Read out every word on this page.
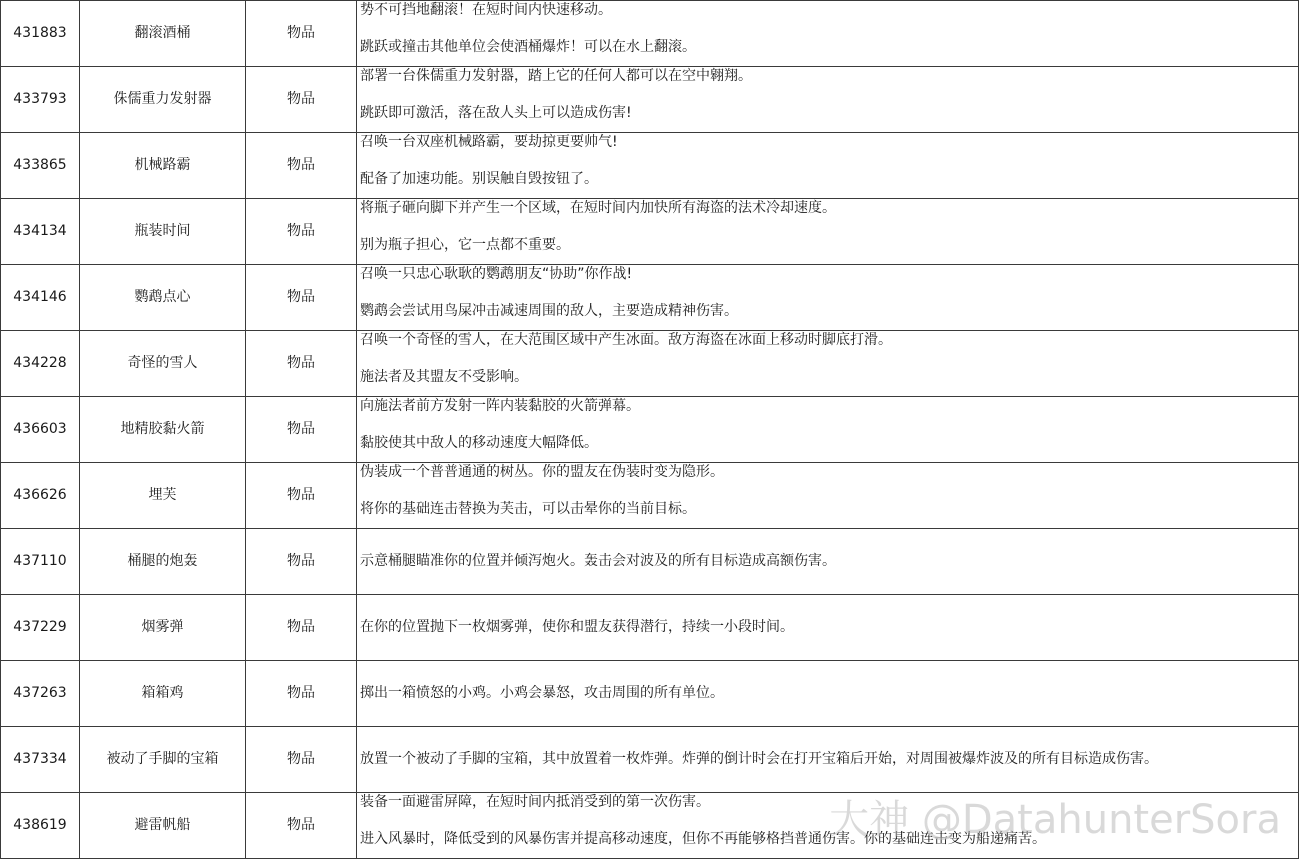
431883	翻滚酒桶	物品	势不可挡地翻滚！在短时间内快速移动。
跳跃或撞击其他单位会使酒桶爆炸！可以在水上翻滚。

433793	侏儒重力发射器	物品	部署一台侏儒重力发射器，踏上它的任何人都可以在空中翱翔。
跳跃即可激活，落在敌人头上可以造成伤害!

433865	机械路霸	物品	召唤一台双座机械路霸，要劫掠更要帅气!
配备了加速功能。别误触自毁按钮了。

434134	瓶装时间	物品	将瓶子砸向脚下并产生一个区域，在短时间内加快所有海盗的法术冷却速度。
别为瓶子担心，它一点都不重要。

434146	鹦鹉点心	物品	召唤一只忠心耿耿的鹦鹉朋友“协助”你作战!
鹦鹉会尝试用鸟屎冲击减速周围的敌人，主要造成精神伤害。

434228	奇怪的雪人	物品	召唤一个奇怪的雪人，在大范围区域中产生冰面。敌方海盗在冰面上移动时脚底打滑。
施法者及其盟友不受影响。

436603	地精胶黏火箭	物品	向施法者前方发射一阵内装黏胶的火箭弹幕。
黏胶使其中敌人的移动速度大幅降低。

436626	埋芙	物品	伪装成一个普普通通的树丛。你的盟友在伪装时变为隐形。
将你的基础连击替换为芙击，可以击晕你的当前目标。

437110	桶腿的炮轰	物品	示意桶腿瞄准你的位置并倾泻炮火。轰击会对波及的所有目标造成高额伤害。

437229	烟雾弹	物品	在你的位置抛下一枚烟雾弹，使你和盟友获得潜行，持续一小段时间。

437263	箱箱鸡	物品	掷出一箱愤怒的小鸡。小鸡会暴怒，攻击周围的所有单位。

437334	被动了手脚的宝箱	物品	放置一个被动了手脚的宝箱，其中放置着一枚炸弹。炸弹的倒计时会在打开宝箱后开始，对周围被爆炸波及的所有目标造成伤害。

438619	避雷帆船	物品	装备一面避雷屏障，在短时间内抵消受到的第一次伤害。
进入风暴时，降低受到的风暴伤害并提高移动速度，但你不再能够格挡普通伤害。你的基础连击变为船递痛苦。
大神 @DatahunterSora
